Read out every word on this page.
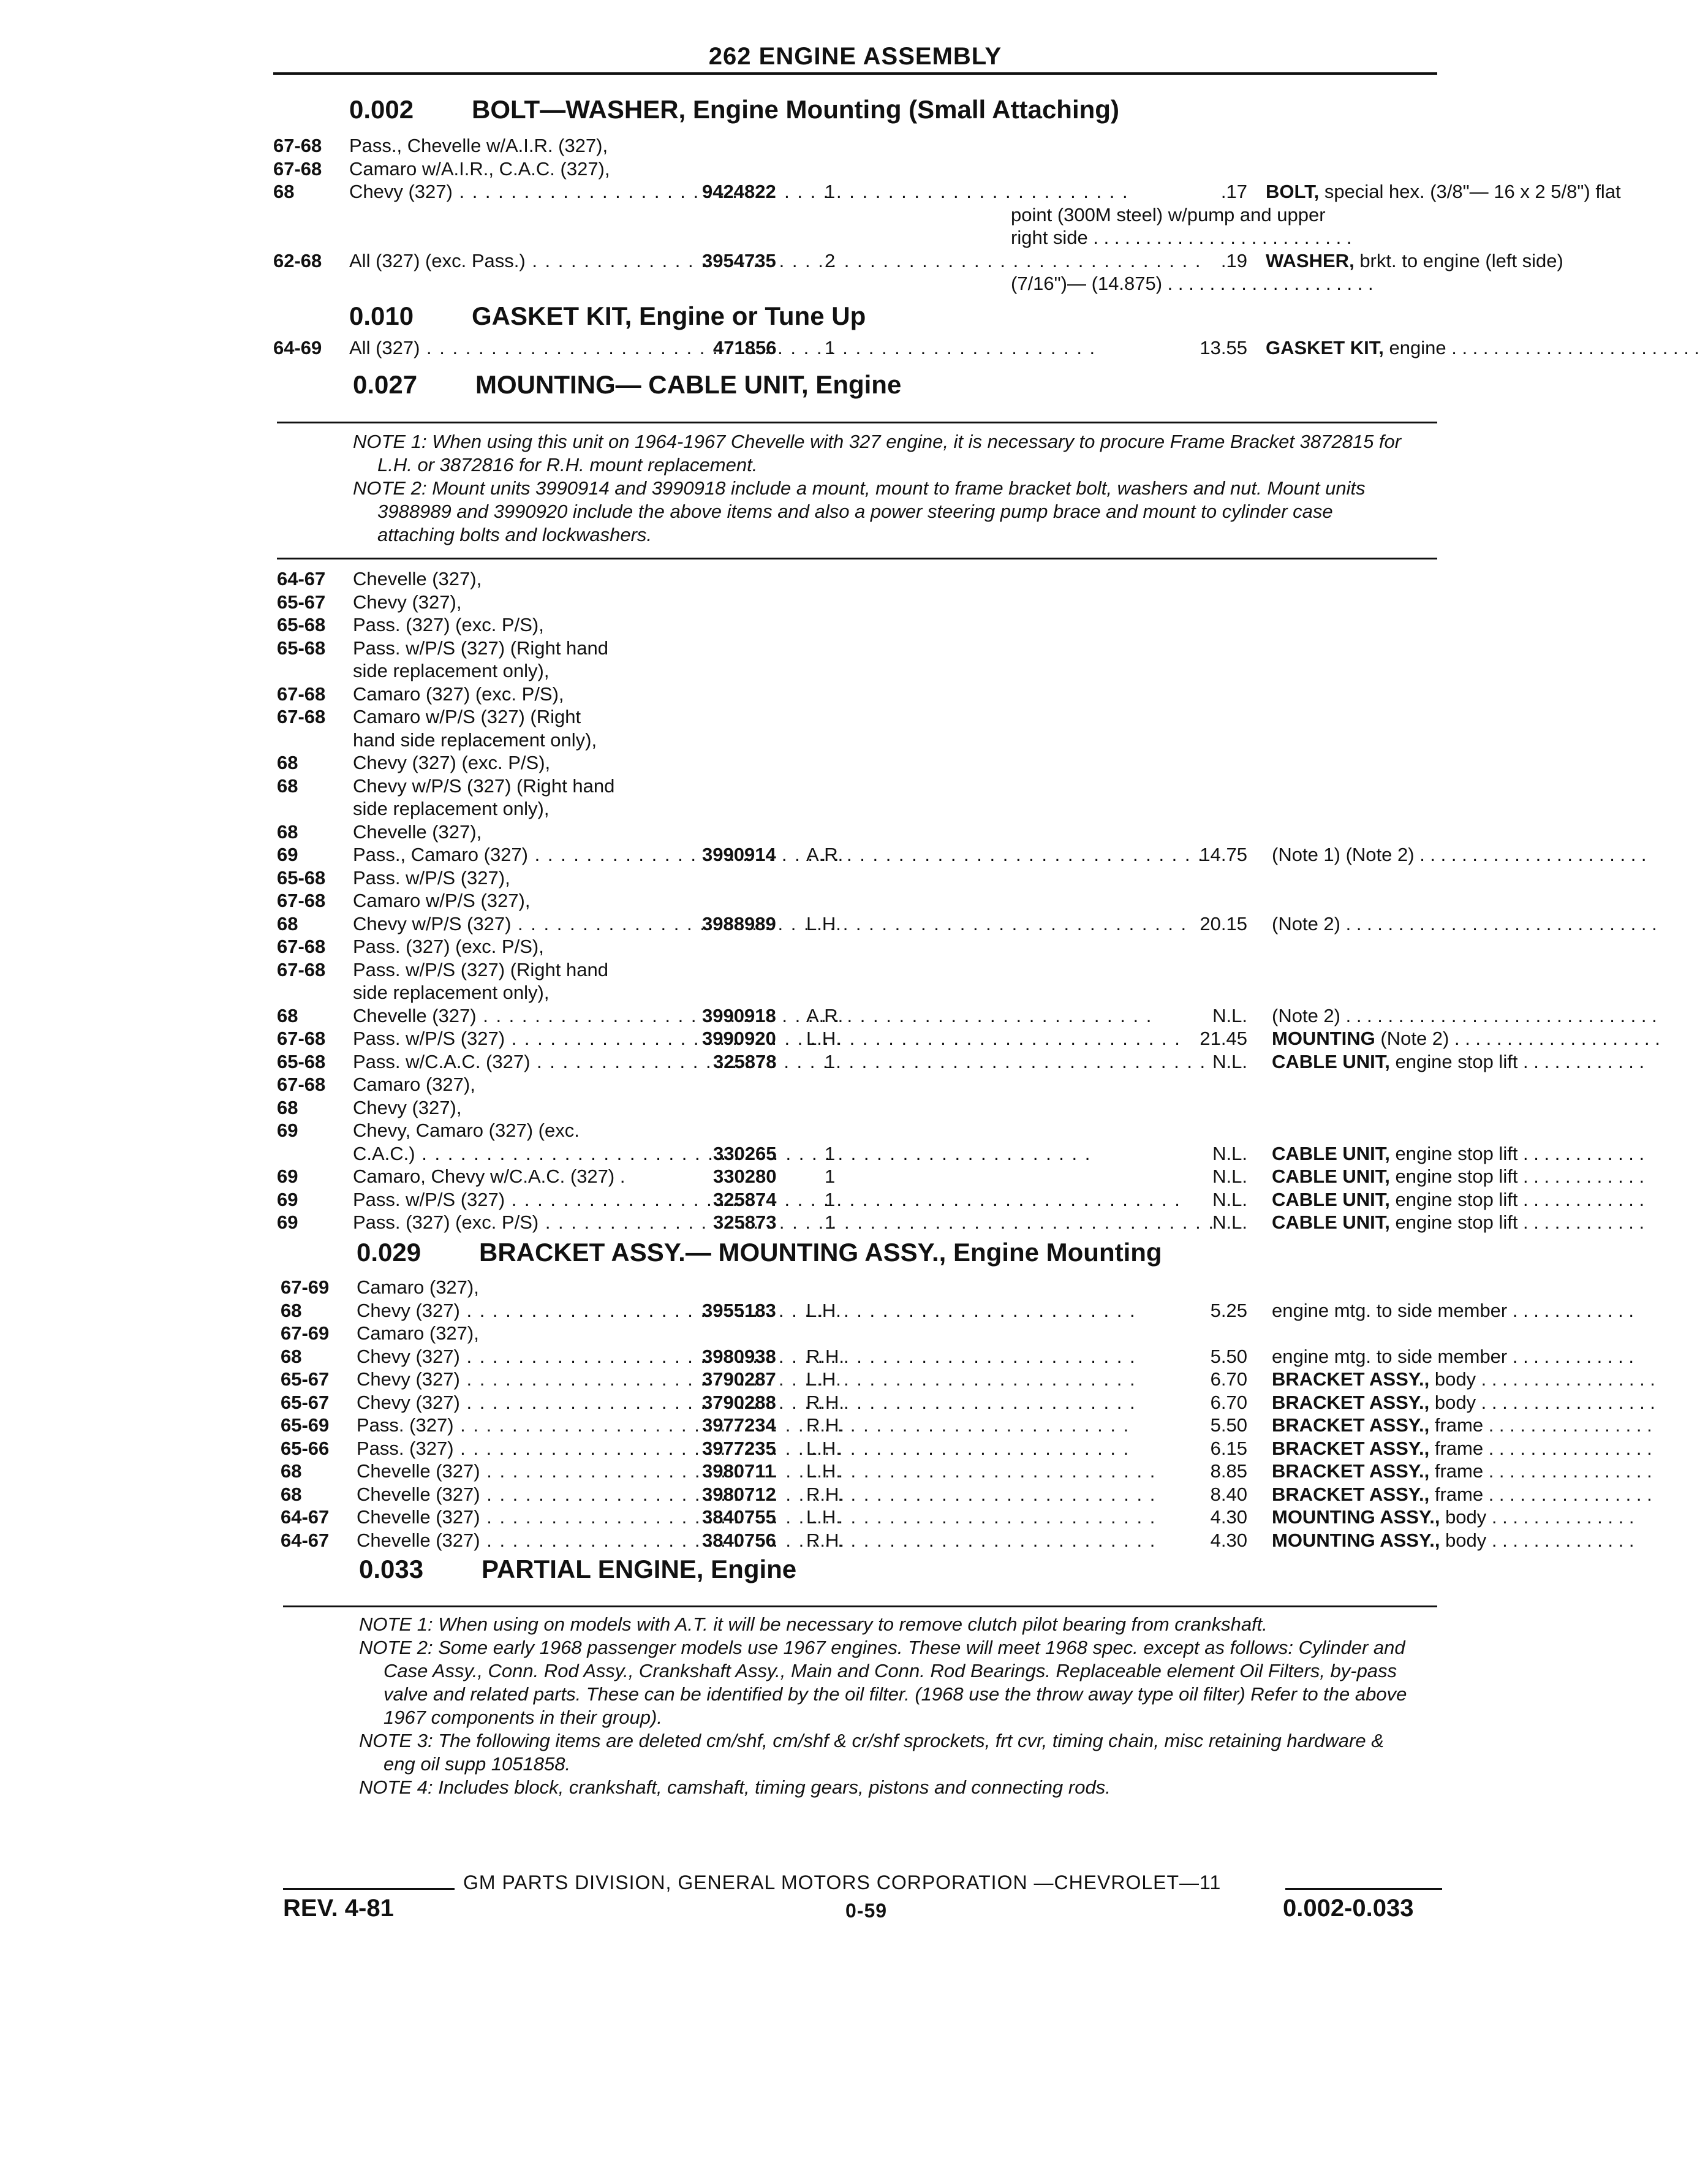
262 ENGINE ASSEMBLY
0.002 BOLT—WASHER, Engine Mounting (Small Attaching)
67-68 Pass., Chevelle w/A.I.R. (327),
67-68 Camaro w/A.I.R., C.A.C. (327),
68	Chevy (327) . . .	9424822	1	.17 BOLT, special hex. (3/8"— 16 x 2 5/8") flat
point (300M steel) w/pump and upper
right side . . . . . . . . . . . . . . . . . . . . . . . . .
62-68 All (327) (exc. Pass.) . . .	3954735	2	.19 WASHER, brkt. to engine (left side)
(7/16")— (14.875) . . . . . . . . . . . . . . . . . . . .
0.010 GASKET KIT, Engine or Tune Up
64-69 All (327) . . .	471856	1	13.55 GASKET KIT, engine . . . . . . . . . . . . . . . . . . . . . . . .
0.027 MOUNTING— CABLE UNIT, Engine
NOTE 1: When using this unit on 1964-1967 Chevelle with 327 engine, it is necessary to procure Frame Bracket 3872815 for L.H. or 3872816 for R.H. mount replacement.
NOTE 2: Mount units 3990914 and 3990918 include a mount, mount to frame bracket bolt, washers and nut. Mount units 3988989 and 3990920 include the above items and also a power steering pump brace and mount to cylinder case attaching bolts and lockwashers.
64-67 Chevelle (327),
65-67 Chevy (327),
65-68 Pass. (327) (exc. P/S),
65-68 Pass. w/P/S (327) (Right hand
side replacement only),
67-68 Camaro (327) (exc. P/S),
67-68 Camaro w/P/S (327) (Right
hand side replacement only),
68	Chevy (327) (exc. P/S),
68	Chevy w/P/S (327) (Right hand
side replacement only),
68	Chevelle (327),
69	Pass., Camaro (327) . . .	3990914 A.R.	14.75 (Note 1) (Note 2) . . . . . . . . . . . . . . . . . . . . . .
65-68 Pass. w/P/S (327),
67-68 Camaro w/P/S (327),
68	Chevy w/P/S (327) . . .	3988989 L.H.	20.15 (Note 2) . . . . . . . . . . . . . . . . . . . . . . . . . . . . . .
67-68 Pass. (327) (exc. P/S),
67-68 Pass. w/P/S (327) (Right hand
side replacement only),
68	Chevelle (327) . . .	3990918 A.R.	N.L. (Note 2) . . . . . . . . . . . . . . . . . . . . . . . . . . . . . .
67-68 Pass. w/P/S (327) . . .	3990920 L.H.	21.45 MOUNTING (Note 2) . . . . . . . . . . . . . . . . . . . .
65-68 Pass. w/C.A.C. (327) . . .	325878	1	N.L. CABLE UNIT, engine stop lift . . . . . . . . . . . .
67-68 Camaro (327),
68	Chevy (327),
69	Chevy, Camaro (327) (exc.
C.A.C.) . . .	330265	1	N.L. CABLE UNIT, engine stop lift . . . . . . . . . . . .
69	Camaro, Chevy w/C.A.C. (327) .	330280	1	N.L. CABLE UNIT, engine stop lift . . . . . . . . . . . .
69	Pass. w/P/S (327) . . .	325874	1	N.L. CABLE UNIT, engine stop lift . . . . . . . . . . . .
69	Pass. (327) (exc. P/S) . . .	325873	1	N.L. CABLE UNIT, engine stop lift . . . . . . . . . . . .
0.029 BRACKET ASSY.— MOUNTING ASSY., Engine Mounting
67-69 Camaro (327),
68	Chevy (327) . . .	3955183 L.H.	5.25 engine mtg. to side member . . . . . . . . . . . .
67-69 Camaro (327),
68	Chevy (327) . . .	3980938 R.H.	5.50 engine mtg. to side member . . . . . . . . . . . .
65-67 Chevy (327) . . .	3790287 L.H.	6.70 BRACKET ASSY., body . . . . . . . . . . . . . . . . .
65-67 Chevy (327) . . .	3790288 R.H.	6.70 BRACKET ASSY., body . . . . . . . . . . . . . . . . .
65-69 Pass. (327) . . .	3977234 R.H.	5.50 BRACKET ASSY., frame . . . . . . . . . . . . . . . .
65-66 Pass. (327) . . .	3977235 L.H.	6.15 BRACKET ASSY., frame . . . . . . . . . . . . . . . .
68	Chevelle (327) . . .	3980711 L.H.	8.85 BRACKET ASSY., frame . . . . . . . . . . . . . . . .
68	Chevelle (327) . . .	3980712 R.H.	8.40 BRACKET ASSY., frame . . . . . . . . . . . . . . . .
64-67 Chevelle (327) . . .	3840755 L.H.	4.30 MOUNTING ASSY., body . . . . . . . . . . . . . .
64-67 Chevelle (327) . . .	3840756 R.H.	4.30 MOUNTING ASSY., body . . . . . . . . . . . . . .
0.033 PARTIAL ENGINE, Engine
NOTE 1: When using on models with A.T. it will be necessary to remove clutch pilot bearing from crankshaft.
NOTE 2: Some early 1968 passenger models use 1967 engines. These will meet 1968 spec. except as follows: Cylinder and Case Assy., Conn. Rod Assy., Crankshaft Assy., Main and Conn. Rod Bearings. Replaceable element Oil Filters, by-pass valve and related parts. These can be identified by the oil filter. (1968 use the throw away type oil filter) Refer to the above 1967 components in their group).
NOTE 3: The following items are deleted cm/shf, cm/shf & cr/shf sprockets, frt cvr, timing chain, misc retaining hardware & eng oil supp 1051858.
NOTE 4: Includes block, crankshaft, camshaft, timing gears, pistons and connecting rods.
GM PARTS DIVISION, GENERAL MOTORS CORPORATION —CHEVROLET—11
REV. 4-81	0-59	0.002-0.033
